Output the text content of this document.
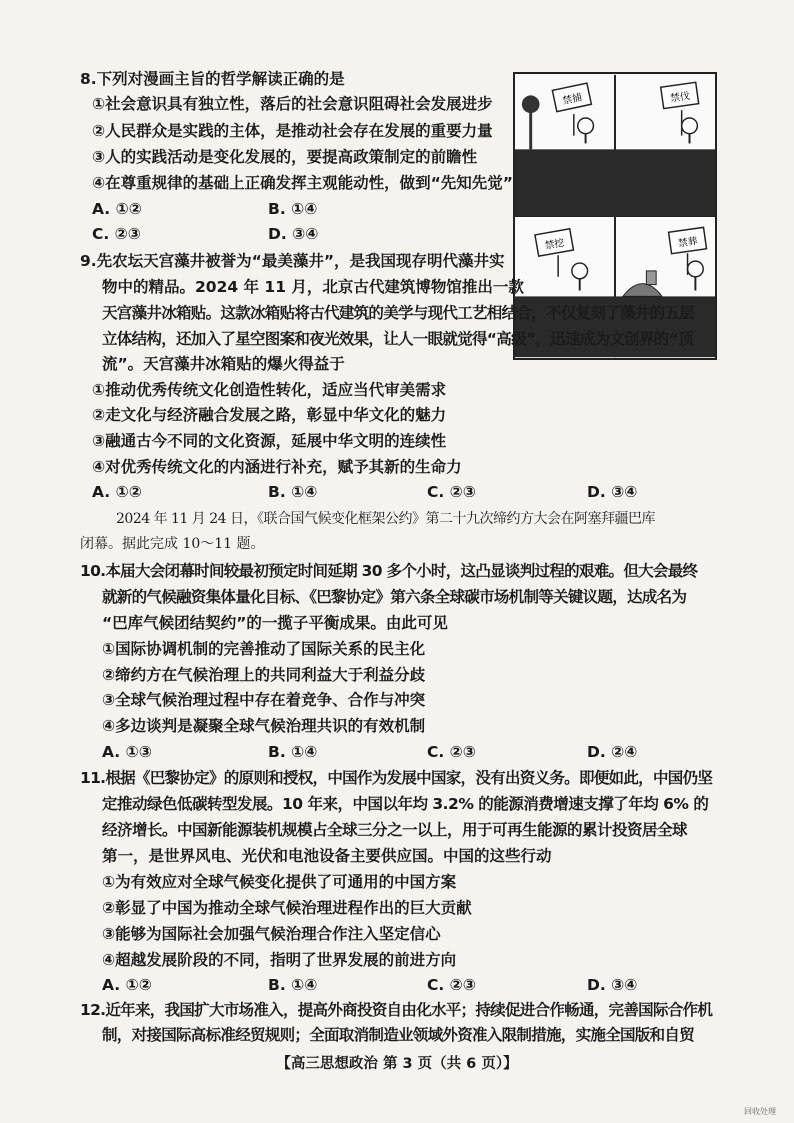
8.下列对漫画主旨的哲学解读正确的是
①社会意识具有独立性，落后的社会意识阻碍社会发展进步
②人民群众是实践的主体，是推动社会存在发展的重要力量
③人的实践活动是变化发展的，要提高政策制定的前瞻性
④在尊重规律的基础上正确发挥主观能动性，做到“先知先觉”
A. ①②	B. ①④
C. ②③	D. ③④
禁捕	禁伐
禁挖	禁葬
9.先农坛天宫藻井被誉为“最美藻井”，是我国现存明代藻井实
物中的精品。2024 年 11 月，北京古代建筑博物馆推出一款
天宫藻井冰箱贴。这款冰箱贴将古代建筑的美学与现代工艺相结合，不仅复刻了藻井的五层
立体结构，还加入了星空图案和夜光效果，让人一眼就觉得“高级”，迅速成为文创界的“顶
流”。天宫藻井冰箱贴的爆火得益于
①推动优秀传统文化创造性转化，适应当代审美需求
②走文化与经济融合发展之路，彰显中华文化的魅力
③融通古今不同的文化资源，延展中华文明的连续性
④对优秀传统文化的内涵进行补充，赋予其新的生命力
A. ①②	B. ①④	C. ②③	D. ③④
2024 年 11 月 24 日，《联合国气候变化框架公约》第二十九次缔约方大会在阿塞拜疆巴库
闭幕。据此完成 10～11 题。
10.本届大会闭幕时间较最初预定时间延期 30 多个小时，这凸显谈判过程的艰难。但大会最终
就新的气候融资集体量化目标、《巴黎协定》第六条全球碳市场机制等关键议题，达成名为
“巴库气候团结契约”的一揽子平衡成果。由此可见
①国际协调机制的完善推动了国际关系的民主化
②缔约方在气候治理上的共同利益大于利益分歧
③全球气候治理过程中存在着竞争、合作与冲突
④多边谈判是凝聚全球气候治理共识的有效机制
A. ①③	B. ①④	C. ②③	D. ②④
11.根据《巴黎协定》的原则和授权，中国作为发展中国家，没有出资义务。即便如此，中国仍坚
定推动绿色低碳转型发展。10 年来，中国以年均 3.2% 的能源消费增速支撑了年均 6% 的
经济增长。中国新能源装机规模占全球三分之一以上，用于可再生能源的累计投资居全球
第一，是世界风电、光伏和电池设备主要供应国。中国的这些行动
①为有效应对全球气候变化提供了可通用的中国方案
②彰显了中国为推动全球气候治理进程作出的巨大贡献
③能够为国际社会加强气候治理合作注入坚定信心
④超越发展阶段的不同，指明了世界发展的前进方向
A. ①②	B. ①④	C. ②③	D. ③④
12.近年来，我国扩大市场准入，提高外商投资自由化水平；持续促进合作畅通，完善国际合作机
制，对接国际高标准经贸规则；全面取消制造业领域外资准入限制措施，实施全国版和自贸
【高三思想政治 第 3 页（共 6 页）】
回收处理
